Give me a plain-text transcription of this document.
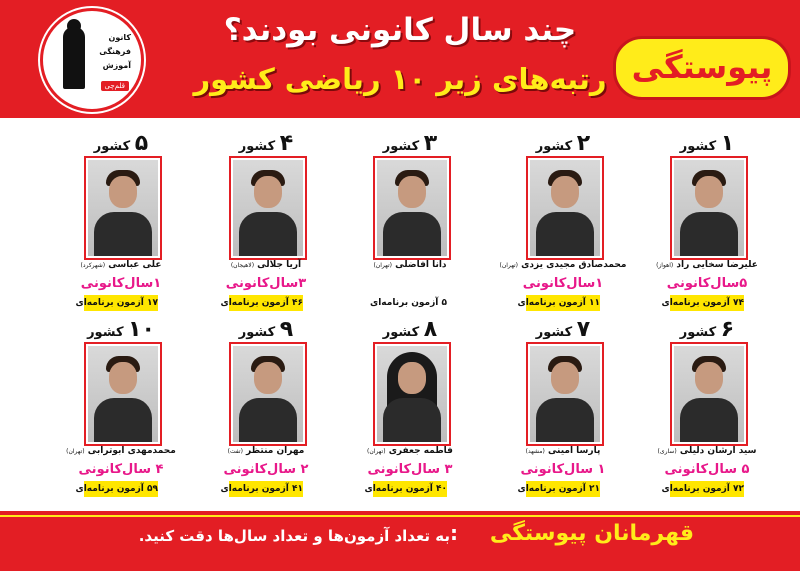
کانون
فرهنگی
آموزش
قلم‌چی
چند سال کانونی بودند؟
رتبه‌های زیر ۱۰ ریاضی کشور پیوستگی
۱ کشور
علیرضا سخایی راد (اهواز)
۵سال‌کانونی
۷۴ آزمون برنامه‌ای
۲ کشور
محمدصادق مجیدی یزدی (تهران)
۱سال‌کانونی
۱۱ آزمون برنامه‌ای
۳ کشور
دانا افاضلی (تهران)
۵ آزمون برنامه‌ای
۴ کشور
آریا جلالی (لاهیجان)
۳سال‌کانونی
۴۶ آزمون برنامه‌ای
۵ کشور
علی عباسی (شهرکرد)
۱سال‌کانونی
۱۷ آزمون برنامه‌ای
۶ کشور
سید ارشان دلیلی (ساری)
۵ سال‌کانونی
۷۲ آزمون برنامه‌ای
۷ کشور
پارسا امینی (مشهد)
۱ سال‌کانونی
۲۱ آزمون برنامه‌ای
۸ کشور
فاطمه جعفری (تهران)
۳ سال‌کانونی
۴۰ آزمون برنامه‌ای
۹ کشور
مهران منتظر (تفت)
۲ سال‌کانونی
۴۱ آزمون برنامه‌ای
۱۰ کشور
محمدمهدی ابوترابی (تهران)
۴ سال‌کانونی
۵۹ آزمون برنامه‌ای
قهرمانان پیوستگی
:
به تعداد آزمون‌ها و تعداد سال‌ها دقت کنید.
